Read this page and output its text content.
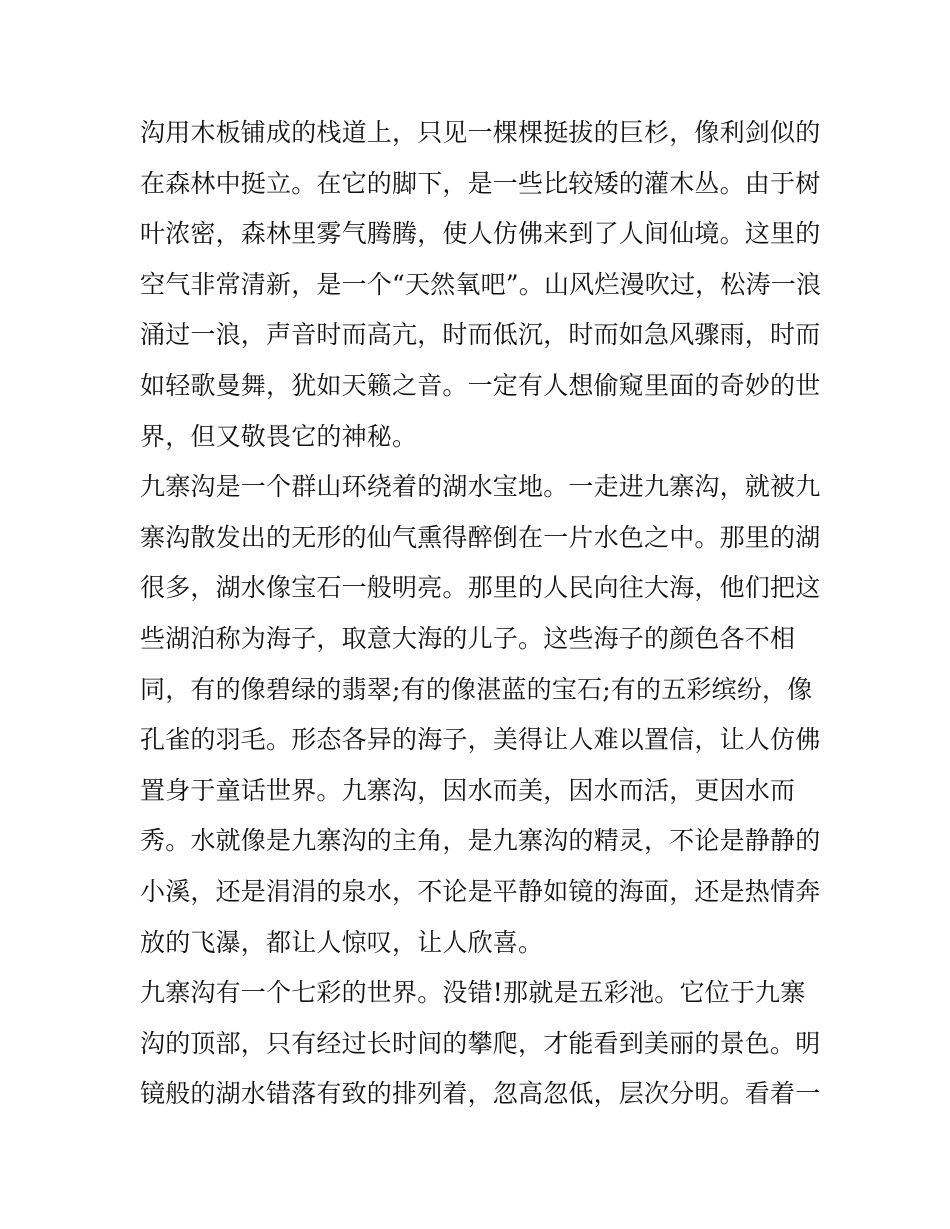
沟用木板铺成的栈道上，只见一棵棵挺拔的巨杉，像利剑似的
在森林中挺立。在它的脚下，是一些比较矮的灌木丛。由于树
叶浓密，森林里雾气腾腾，使人仿佛来到了人间仙境。这里的
空气非常清新，是一个“天然氧吧”。山风烂漫吹过，松涛一浪
涌过一浪，声音时而高亢，时而低沉，时而如急风骤雨，时而
如轻歌曼舞，犹如天籁之音。一定有人想偷窥里面的奇妙的世
界，但又敬畏它的神秘。
九寨沟是一个群山环绕着的湖水宝地。一走进九寨沟，就被九
寨沟散发出的无形的仙气熏得醉倒在一片水色之中。那里的湖
很多，湖水像宝石一般明亮。那里的人民向往大海，他们把这
些湖泊称为海子，取意大海的儿子。这些海子的颜色各不相
同，有的像碧绿的翡翠;有的像湛蓝的宝石;有的五彩缤纷，像
孔雀的羽毛。形态各异的海子，美得让人难以置信，让人仿佛
置身于童话世界。九寨沟，因水而美，因水而活，更因水而
秀。水就像是九寨沟的主角，是九寨沟的精灵，不论是静静的
小溪，还是涓涓的泉水，不论是平静如镜的海面，还是热情奔
放的飞瀑，都让人惊叹，让人欣喜。
九寨沟有一个七彩的世界。没错!那就是五彩池。它位于九寨
沟的顶部，只有经过长时间的攀爬，才能看到美丽的景色。明
镜般的湖水错落有致的排列着，忽高忽低，层次分明。看着一
